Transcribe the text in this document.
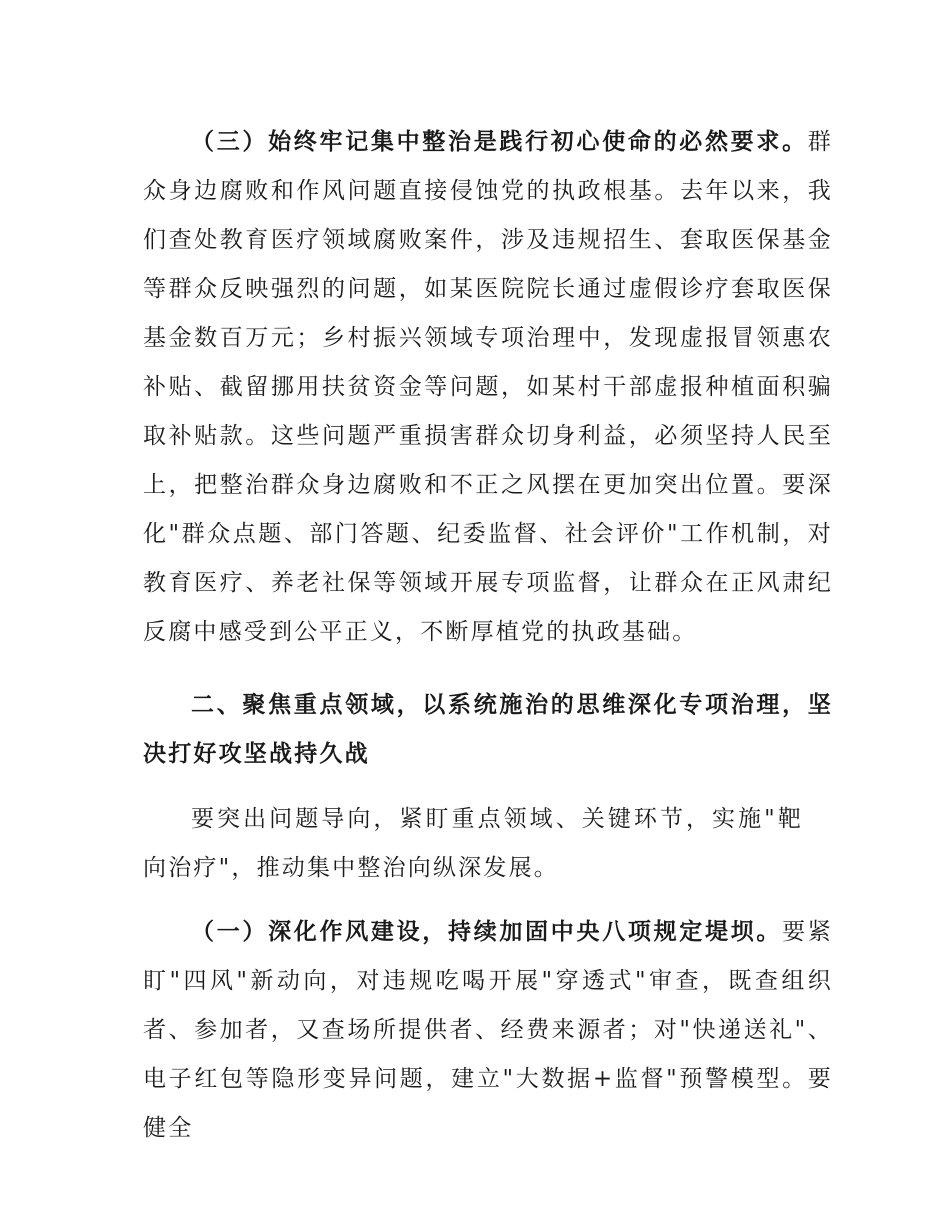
（三）始终牢记集中整治是践行初心使命的必然要求。群众身边腐败和作风问题直接侵蚀党的执政根基。去年以来，我们查处教育医疗领域腐败案件，涉及违规招生、套取医保基金等群众反映强烈的问题，如某医院院长通过虚假诊疗套取医保基金数百万元；乡村振兴领域专项治理中，发现虚报冒领惠农补贴、截留挪用扶贫资金等问题，如某村干部虚报种植面积骗取补贴款。这些问题严重损害群众切身利益，必须坚持人民至上，把整治群众身边腐败和不正之风摆在更加突出位置。要深化"群众点题、部门答题、纪委监督、社会评价"工作机制，对教育医疗、养老社保等领域开展专项监督，让群众在正风肃纪反腐中感受到公平正义，不断厚植党的执政基础。

二、聚焦重点领域，以系统施治的思维深化专项治理，坚决打好攻坚战持久战

要突出问题导向，紧盯重点领域、关键环节，实施"靶向治疗"，推动集中整治向纵深发展。

（一）深化作风建设，持续加固中央八项规定堤坝。要紧盯"四风"新动向，对违规吃喝开展"穿透式"审查，既查组织者、参加者，又查场所提供者、经费来源者；对"快递送礼"、电子红包等隐形变异问题，建立"大数据+监督"预警模型。要健全
